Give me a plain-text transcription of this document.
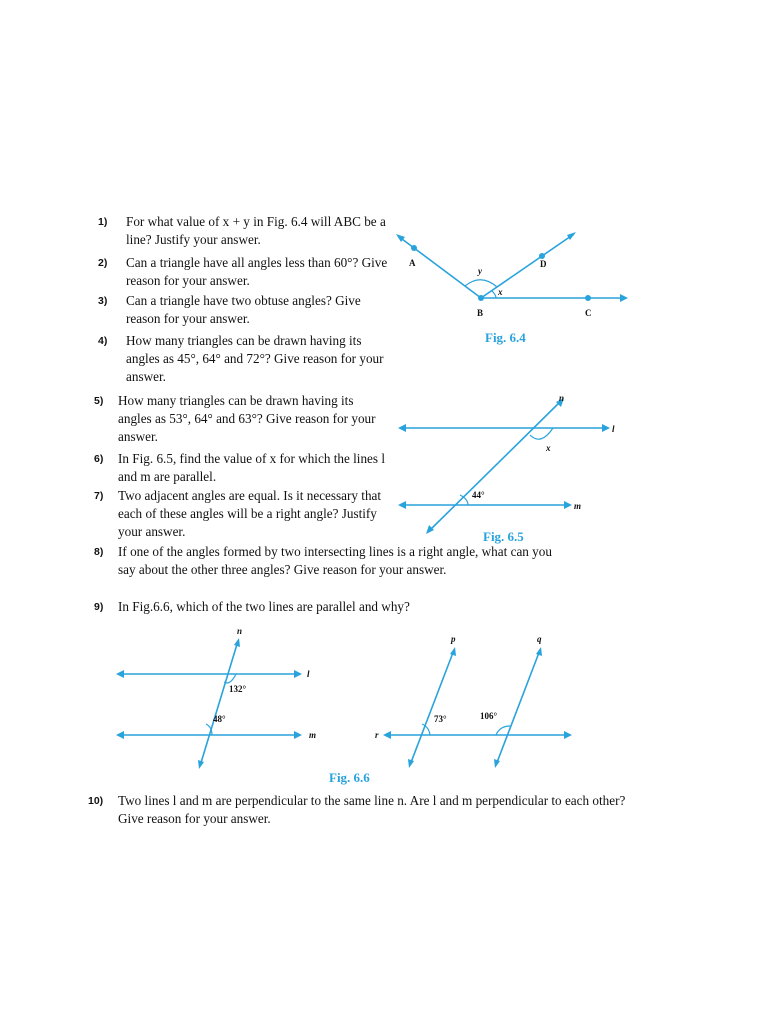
1)	For what value of x + y in Fig. 6.4 will ABC be a line? Justify your answer.
2)	Can a triangle have all angles less than 60°? Give reason for your answer.
3)	Can a triangle have two obtuse angles? Give reason for your answer.
4)	How many triangles can be drawn having its angles as 45°, 64° and 72°? Give reason for your answer.
5)	How many triangles can be drawn having its angles as 53°, 64° and 63°? Give reason for your answer.
6)	In Fig. 6.5, find the value of x for which the lines l and m are parallel.
7)	Two adjacent angles are equal. Is it necessary that each of these angles will be a right angle? Justify your answer.
8)	If one of the angles formed by two intersecting lines is a right angle, what can you say about the other three angles? Give reason for your answer.
9)	In Fig.6.6, which of the two lines are parallel and why?
10)	Two lines l and m are perpendicular to the same line n. Are l and m perpendicular to each other? Give reason for your answer.
A
B	C
D
y
x
Fig. 6.4
n
l
m
x
44°
Fig. 6.5
n
l
m
132°
48°
p	q
r
73°	106°
Fig. 6.6
